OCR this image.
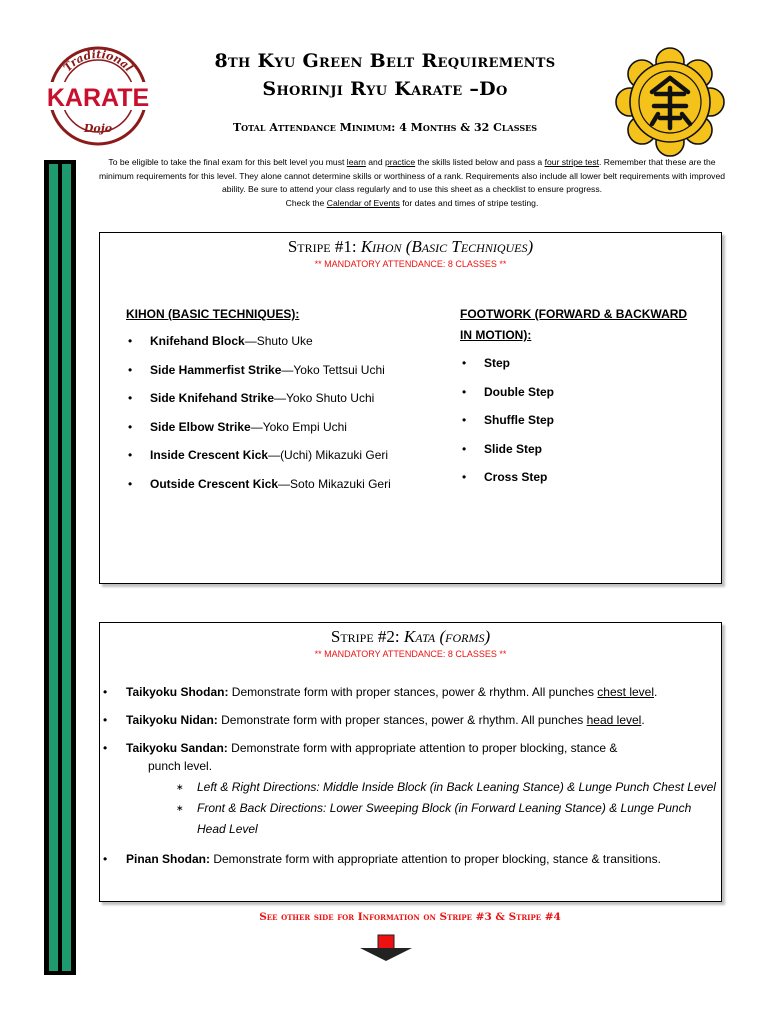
Traditional
KARATE
Dojo
8th Kyu Green Belt Requirements
Shorinji Ryu Karate –Do
Total Attendance Minimum: 4 Months & 32 Classes
To be eligible to take the final exam for this belt level you must learn and practice the skills listed below and pass a four stripe test. Remember that these are the minimum requirements for this level. They alone cannot determine skills or worthiness of a rank. Requirements also include all lower belt requirements with improved ability. Be sure to attend your class regularly and to use this sheet as a checklist to ensure progress.
Check the Calendar of Events for dates and times of stripe testing.
Stripe #1: Kihon (Basic Techniques)
** MANDATORY ATTENDANCE: 8 CLASSES **
KIHON (BASIC TECHNIQUES):
• Knifehand Block—Shuto Uke
• Side Hammerfist Strike—Yoko Tettsui Uchi
• Side Knifehand Strike—Yoko Shuto Uchi
• Side Elbow Strike—Yoko Empi Uchi
• Inside Crescent Kick—(Uchi) Mikazuki Geri
• Outside Crescent Kick—Soto Mikazuki Geri
FOOTWORK (FORWARD & BACKWARD
IN MOTION):
• Step
• Double Step
• Shuffle Step
• Slide Step
• Cross Step
Stripe #2: Kata (forms)
** MANDATORY ATTENDANCE: 8 CLASSES **
• Taikyoku Shodan: Demonstrate form with proper stances, power & rhythm. All punches chest level.
• Taikyoku Nidan: Demonstrate form with proper stances, power & rhythm. All punches head level.
• Taikyoku Sandan: Demonstrate form with appropriate attention to proper blocking, stance &
punch level.
∗ Left & Right Directions: Middle Inside Block (in Back Leaning Stance) & Lunge Punch Chest Level
∗ Front & Back Directions: Lower Sweeping Block (in Forward Leaning Stance) & Lunge Punch Head Level
• Pinan Shodan: Demonstrate form with appropriate attention to proper blocking, stance & transitions.
See other side for Information on Stripe #3 & Stripe #4
